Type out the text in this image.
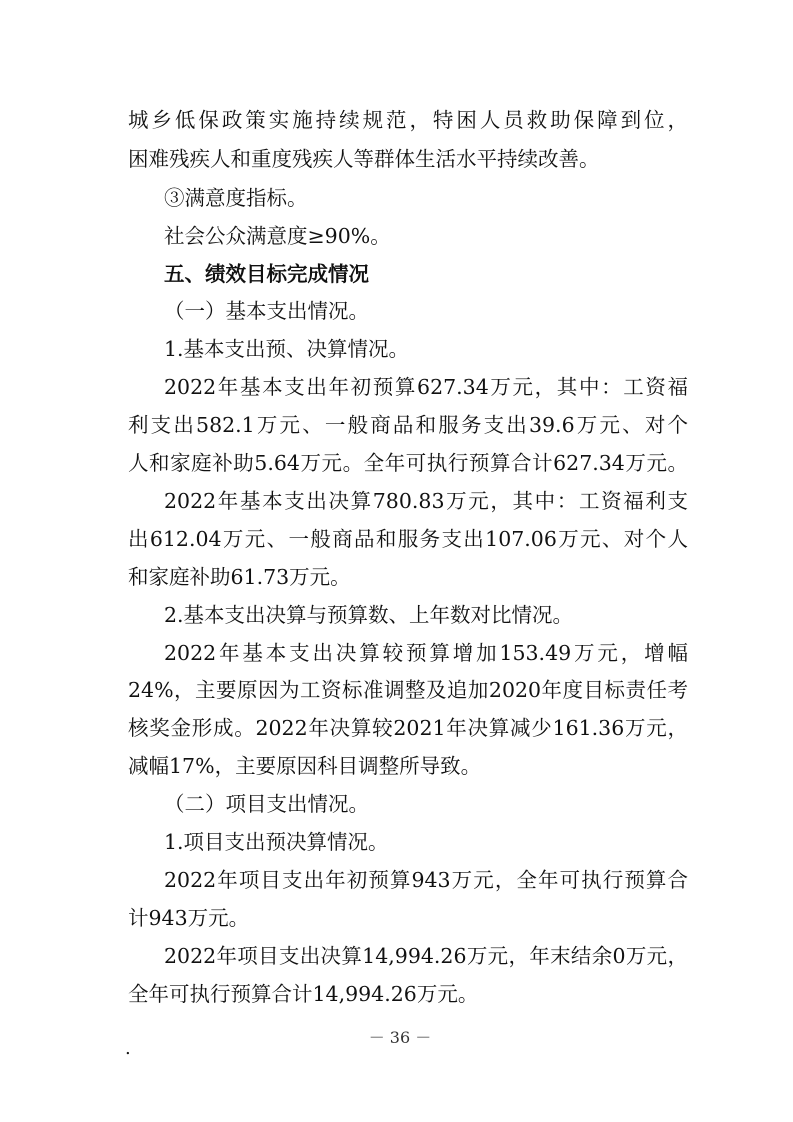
城乡低保政策实施持续规范，特困人员救助保障到位，
困难残疾人和重度残疾人等群体生活水平持续改善。
③满意度指标。
社会公众满意度≥90%。
五、绩效目标完成情况
（一）基本支出情况。
1.基本支出预、决算情况。
2022年基本支出年初预算627.34万元，其中：工资福
利支出582.1万元、一般商品和服务支出39.6万元、对个
人和家庭补助5.64万元。全年可执行预算合计627.34万元。
2022年基本支出决算780.83万元，其中：工资福利支
出612.04万元、一般商品和服务支出107.06万元、对个人
和家庭补助61.73万元。
2.基本支出决算与预算数、上年数对比情况。
2022年基本支出决算较预算增加153.49万元，增幅
24%，主要原因为工资标准调整及追加2020年度目标责任考
核奖金形成。2022年决算较2021年决算减少161.36万元，
减幅17%，主要原因科目调整所导致。
（二）项目支出情况。
1.项目支出预决算情况。
2022年项目支出年初预算943万元，全年可执行预算合
计943万元。
2022年项目支出决算14,994.26万元，年末结余0万元，
全年可执行预算合计14,994.26万元。
－ 36 －
.
